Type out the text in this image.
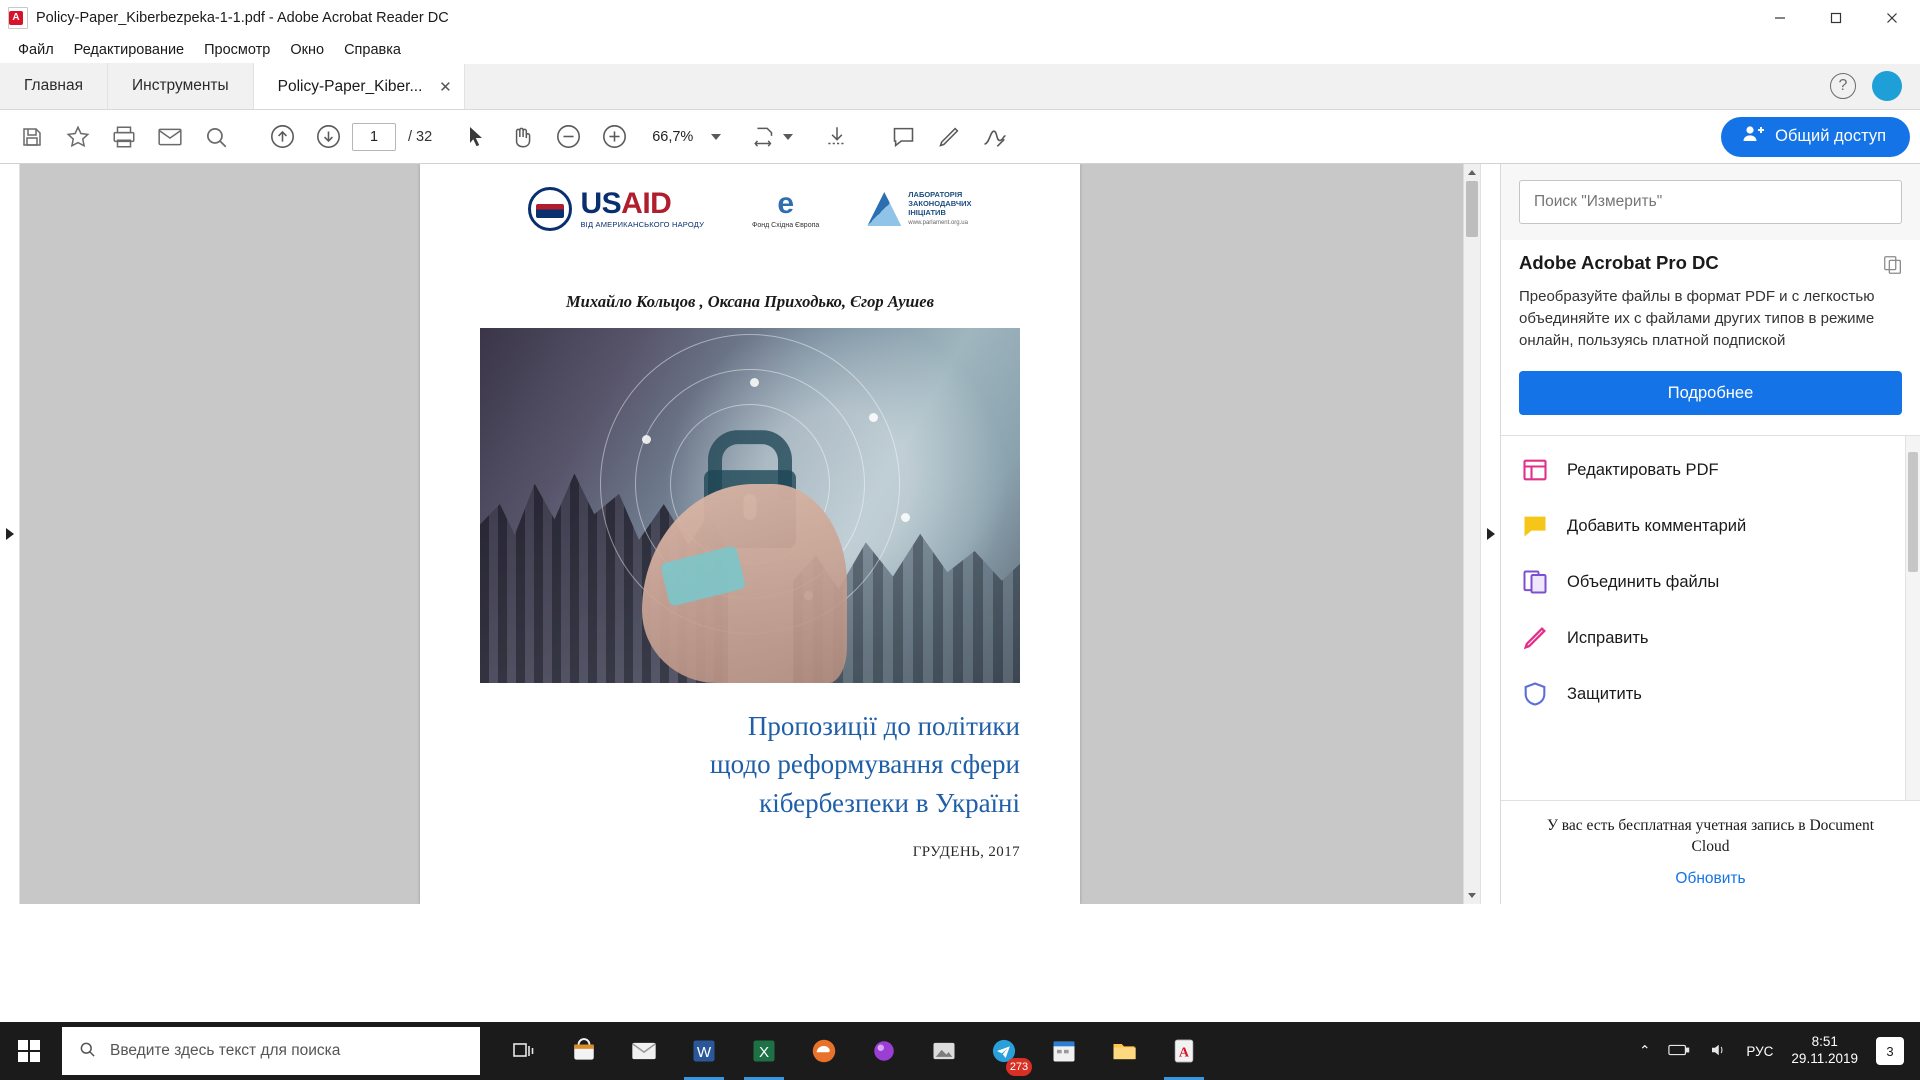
A Policy-Paper_Kiberbezpeka-1-1.pdf - Adobe Acrobat Reader DC
Файл	Редактирование	Просмотр	Окно	Справка
Главная	Инструменты	Policy-Paper_Kiber... ✕	?
1
/ 32	66,7%	Общий доступ
USAID
ВІД АМЕРИКАНСЬКОГО НАРОДУ
е
Фонд Східна Європа
ЛАБОРАТОРІЯ
ЗАКОНОДАВЧИХ
ІНІЦІАТИВ
www.parlament.org.ua
Михайло Кольцов , Оксана Приходько, Єгор Аушев
Пропозиції до політики
щодо реформування сфери
кібербезпеки в Україні
ГРУДЕНЬ, 2017
Поиск "Измерить"
Adobe Acrobat Pro DC
Преобразуйте файлы в формат PDF и с легкостью объединяйте их с файлами других типов в режиме онлайн, пользуясь платной подпиской
Подробнее
Редактировать PDF
Добавить комментарий
Объединить файлы
Исправить
Защитить
У вас есть бесплатная учетная запись в Document Cloud
Обновить
Введите здесь текст для поиска	W	X
273
A	⌃	РУС
8:51
29.11.2019	3
